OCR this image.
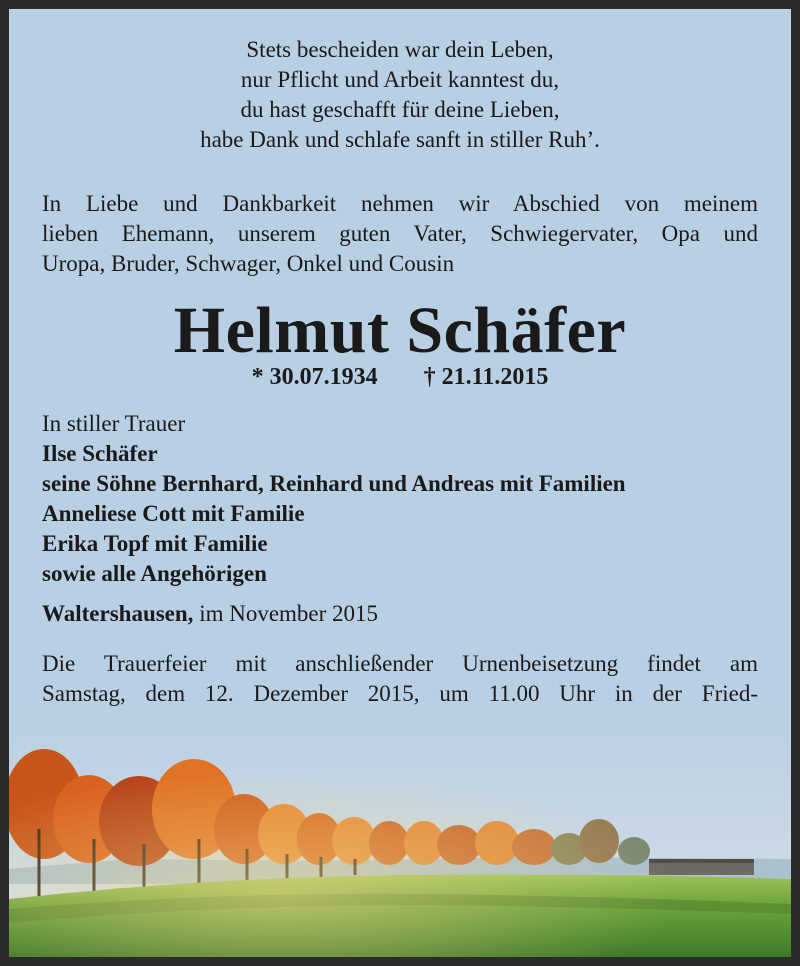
Stets bescheiden war dein Leben,
nur Pflicht und Arbeit kanntest du,
du hast geschafft für deine Lieben,
habe Dank und schlafe sanft in stiller Ruh’.
In Liebe und Dankbarkeit nehmen wir Abschied von meinem
lieben Ehemann, unserem guten Vater, Schwiegervater, Opa und
Uropa, Bruder, Schwager, Onkel und Cousin
Helmut Schäfer
* 30.07.1934 † 21.11.2015
In stiller Trauer
Ilse Schäfer
seine Söhne Bernhard, Reinhard und Andreas mit Familien
Anneliese Cott mit Familie
Erika Topf mit Familie
sowie alle Angehörigen
Waltershausen, im November 2015
Die Trauerfeier mit anschließender Urnenbeisetzung findet am
Samstag, dem 12. Dezember 2015, um 11.00 Uhr in der Fried-
